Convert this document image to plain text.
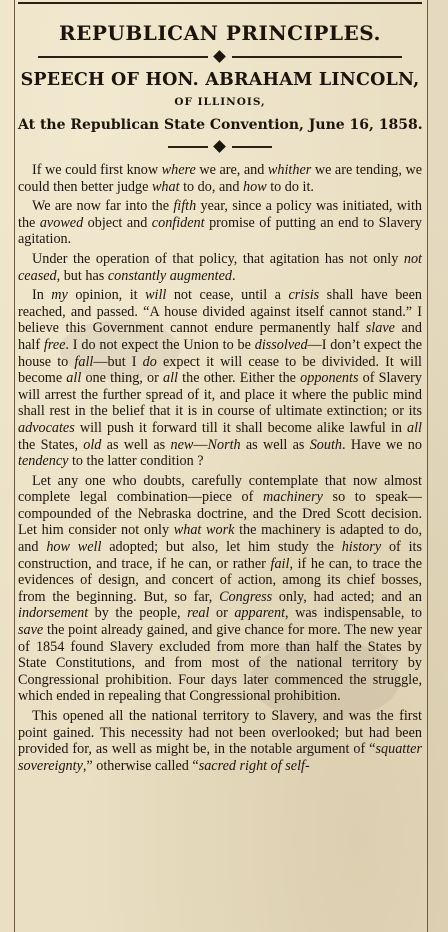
REPUBLICAN PRINCIPLES.
SPEECH OF HON. ABRAHAM LINCOLN,
OF ILLINOIS,
At the Republican State Convention, June 16, 1858.

If we could first know where we are, and whither we are tending, we could then better judge what to do, and how to do it.

We are now far into the fifth year, since a policy was initiated, with the avowed object and confident promise of putting an end to Slavery agitation.

Under the operation of that policy, that agitation has not only not ceased, but has constantly augmented.

In my opinion, it will not cease, until a crisis shall have been reached, and passed. “A house divided against itself cannot stand.” I believe this Government cannot endure permanently half slave and half free. I do not expect the Union to be dissolved—I don’t expect the house to fall—but I do expect it will cease to be divivided. It will become all one thing, or all the other. Either the opponents of Slavery will arrest the further spread of it, and place it where the public mind shall rest in the belief that it is in course of ultimate extinction; or its advocates will push it forward till it shall become alike lawful in all the States, old as well as new—North as well as South. Have we no tendency to the latter condition ?

Let any one who doubts, carefully contemplate that now almost complete legal combination—piece of machinery so to speak—compounded of the Nebraska doctrine, and the Dred Scott decision. Let him consider not only what work the machinery is adapted to do, and how well adopted; but also, let him study the history of its construction, and trace, if he can, or rather fail, if he can, to trace the evidences of design, and concert of action, among its chief bosses, from the beginning. But, so far, Congress only, had acted; and an indorsement by the people, real or apparent, was indispensable, to save the point already gained, and give chance for more. The new year of 1854 found Slavery excluded from more than half the States by State Constitutions, and from most of the national territory by Congressional prohibition. Four days later commenced the struggle, which ended in repealing that Congressional prohibition.

This opened all the national territory to Slavery, and was the first point gained. This necessity had not been overlooked; but had been provided for, as well as might be, in the notable argument of “squatter sovereignty,” otherwise called “sacred right of self-
